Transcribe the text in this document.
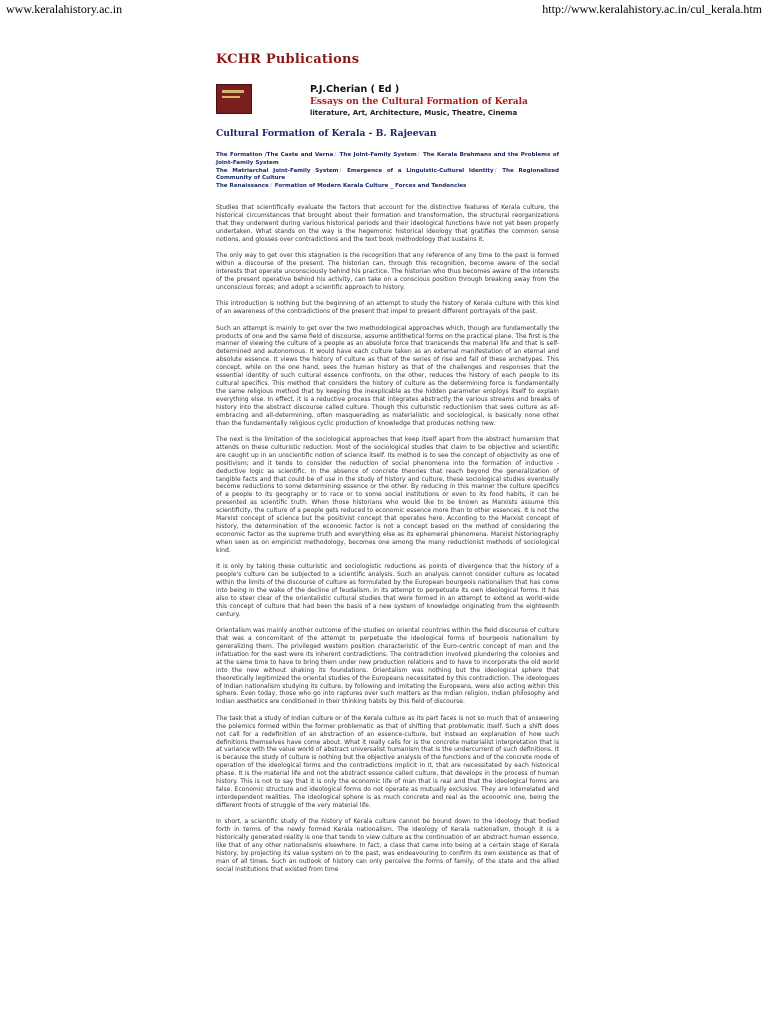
www.keralahistory.ac.in	http://www.keralahistory.ac.in/cul_kerala.htm
KCHR Publications
P.J.Cherian ( Ed )
Essays on the Cultural Formation of Kerala
literature, Art, Architecture, Music, Theatre, Cinema
Cultural Formation of Kerala - B. Rajeevan
The Formation /The Caste and Varna/ The Joint-Family System/ The Kerala Brahmans and the Problems of Joint-Family System
The Matriarchal Joint-Family System/ Emergence of a Linguistic-Cultural Identity/ The Regionalized Community of Culture
The Renaissance/ Formation of Modern Kerala Culture _ Forces and Tendencies

Studies that scientifically evaluate the factors that account for the distinctive features of Kerala culture, the historical circumstances that brought about their formation and transformation, the structural reorganizations that they underwent during various historical periods and their ideological functions have not yet been properly undertaken. What stands on the way is the hegemonic historical ideology that gratifies the common sense notions, and glosses over contradictions and the text book methodology that sustains it.

The only way to get over this stagnation is the recognition that any reference of any time to the past is formed within a discourse of the present. The historian can, through this recognition, become aware of the social interests that operate unconsciously behind his practice. The historian who thus becomes aware of the interests of the present operative behind his activity, can take on a conscious position through breaking away from the unconscious forces; and adopt a scientific approach to history.

This introduction is nothing but the beginning of an attempt to study the history of Kerala culture with this kind of an awareness of the contradictions of the present that impel to present different portrayals of the past.

Such an attempt is mainly to get over the two methodological approaches which, though are fundamentally the products of one and the same field of discourse, assume antithetical forms on the practical plane. The first is the manner of viewing the culture of a people as an absolute force that transcends the material life and that is self-determined and autonomous. It would have each culture taken as an external manifestation of an eternal and absolute essence. It views the history of culture as that of the series of rise and fall of these archetypes. This concept, while on the one hand, sees the human history as that of the challenges and responses that the essential identity of such cultural essence confronts, on the other, reduces the history of each people to its cultural specifics. This method that considers the history of culture as the determining force is fundamentally the same religious method that by keeping the inexplicable as the hidden parameter employs itself to explain everything else. In effect, it is a reductive process that integrates abstractly the various streams and breaks of history into the abstract discourse called culture. Though this culturistic reductionism that sees culture as all-embracing and all-determining, often masquerading as materialistic and sociological, is basically none other than the fundamentally religious cyclic production of knowledge that produces nothing new.

The next is the limitation of the sociological approaches that keep itself apart from the abstract humanism that attends on these culturistic reduction. Most of the sociological studies that claim to be objective and scientific are caught up in an unscientific notion of science itself. Its method is to see the concept of objectivity as one of positivism; and it tends to consider the reduction of social phenomena into the formation of inductive - deductive logic as scientific. In the absence of concrete theories that reach beyond the generalization of tangible facts and that could be of use in the study of history and culture, these sociological studies eventually become reductions to some determining essence or the other. By reducing in this manner the culture specifics of a people to its geography or to race or to some social institutions or even to its food habits, it can be presented as scientific truth. When those historians who would like to be known as Marxists assume this scientificity, the culture of a people gets reduced to economic essence more than to other essences. It is not the Marxist concept of science but the positivist concept that operates here. According to the Marxist concept of history, the determination of the economic factor is not a concept based on the method of considering the economic factor as the supreme truth and everything else as its ephemeral phenomena. Marxist historiography when seen as on empiricist methodology, becomes one among the many reductionist methods of sociological kind.

It is only by taking these culturistic and sociologistic reductions as points of divergence that the history of a people's culture can be subjected to a scientific analysis. Such an analysis cannot consider culture as located within the limits of the discourse of culture as formulated by the European bourgeois nationalism that has come into being in the wake of the decline of feudalism, in its attempt to perpetuate its own ideological forms. It has also to steer clear of the orientalistic cultural studies that were formed in an attempt to extend as world-wide this concept of culture that had been the basis of a new system of knowledge originating from the eighteenth century.

Orientalism was mainly another outcome of the studies on oriental countries within the field discourse of culture that was a concomitant of the attempt to perpetuate the ideological forms of bourgeois nationalism by generalizing them. The privileged western position characteristic of the Euro-centric concept of man and the infatuation for the east were its inherent contradictions. The contradiction involved plundering the colonies and at the same time to have to bring them under new production relations and to have to incorporate the old world into the new without shaking its foundations. Orientalism was nothing but the ideological sphere that theoretically legitimized the oriental studies of the Europeans necessitated by this contradiction. The ideologues of Indian nationalism studying its culture, by following and imitating the Europeans, were also acting within this sphere. Even today, those who go into raptures over such matters as the Indian religion, Indian philosophy and Indian aesthetics are conditioned in their thinking habits by this field of discourse.

The task that a study of Indian culture or of the Kerala culture as its part faces is not so much that of answering the polemics formed within the former problematic as that of shifting that problematic itself. Such a shift does not call for a redefinition of an abstraction of an essence-culture, but instead an explanation of how such definitions themselves have come about. What it really calls for is the concrete materialist interpretation that is at variance with the value world of abstract universalist humanism that is the undercurrent of such definitions. It is because the study of culture is nothing but the objective analysis of the functions and of the concrete mode of operation of the ideological forms and the contradictions implicit in it, that are necessitated by each historical phase. It is the material life and not the abstract essence called culture, that develops in the process of human history. This is not to say that it is only the economic life of man that is real and that the ideological forms are false. Economic structure and ideological forms do not operate as mutually exclusive. They are interrelated and interdependent realities. The ideological sphere is as much concrete and real as the economic one, being the different fronts of struggle of the very material life.

In short, a scientific study of the history of Kerala culture cannot be bound down to the ideology that bodied forth in terms of the newly formed Kerala nationalism. The ideology of Kerala nationalism, though it is a historically generated reality is one that tends to view culture as the continuation of an abstract human essence, like that of any other nationalisms elsewhere. In fact, a class that came into being at a certain stage of Kerala history, by projecting its value system on to the past, was endeavouring to confirm its own existence as that of man of all times. Such an outlook of history can only perceive the forms of family, of the state and the allied social institutions that existed from time
